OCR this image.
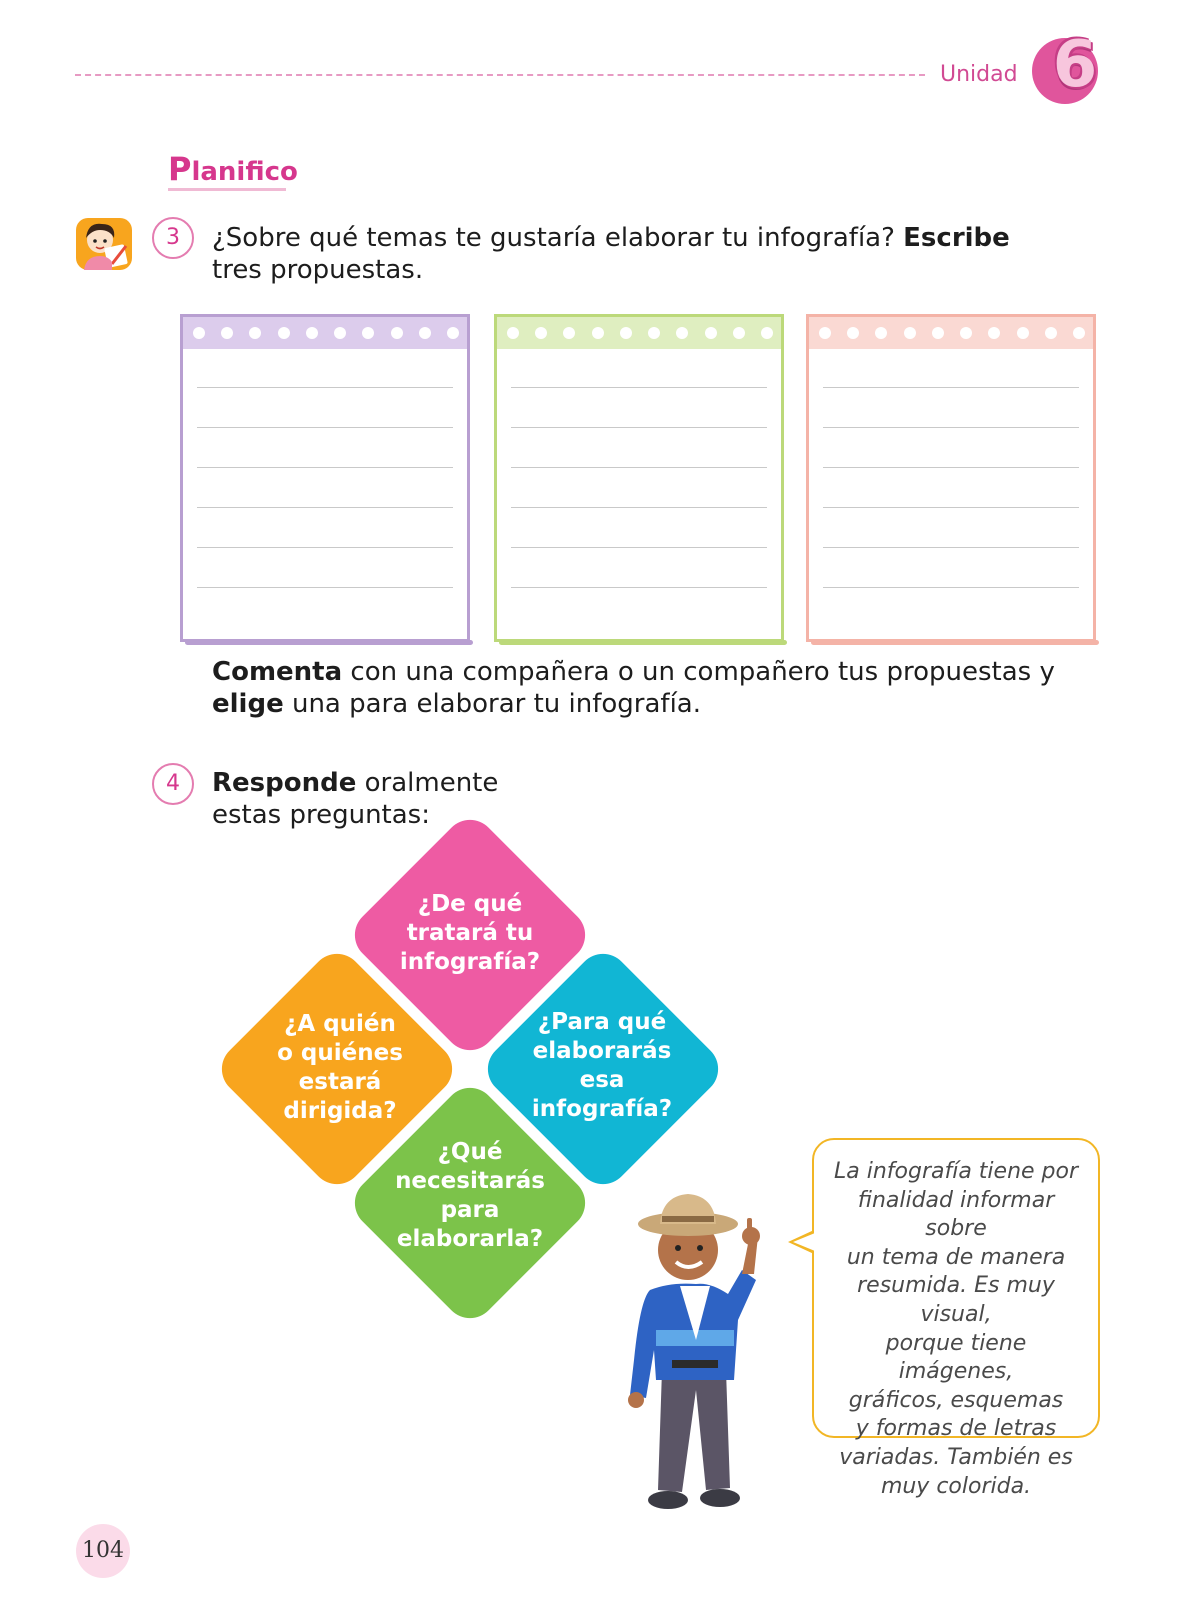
Unidad 6
Planifico
3	¿Sobre qué temas te gustaría elaborar tu infografía? Escribe tres propuestas.
Comenta con una compañera o un compañero tus propuestas y elige una para elaborar tu infografía.
4	Responde oralmente estas preguntas:
¿De qué
tratará tu
infografía?
¿A quién
o quiénes
estará
dirigida?
¿Para qué
elaborarás
esa
infografía?
¿Qué
necesitarás
para
elaborarla?
La infografía tiene por
finalidad informar sobre
un tema de manera
resumida. Es muy visual,
porque tiene imágenes,
gráficos, esquemas
y formas de letras
variadas. También es
muy colorida.
104
